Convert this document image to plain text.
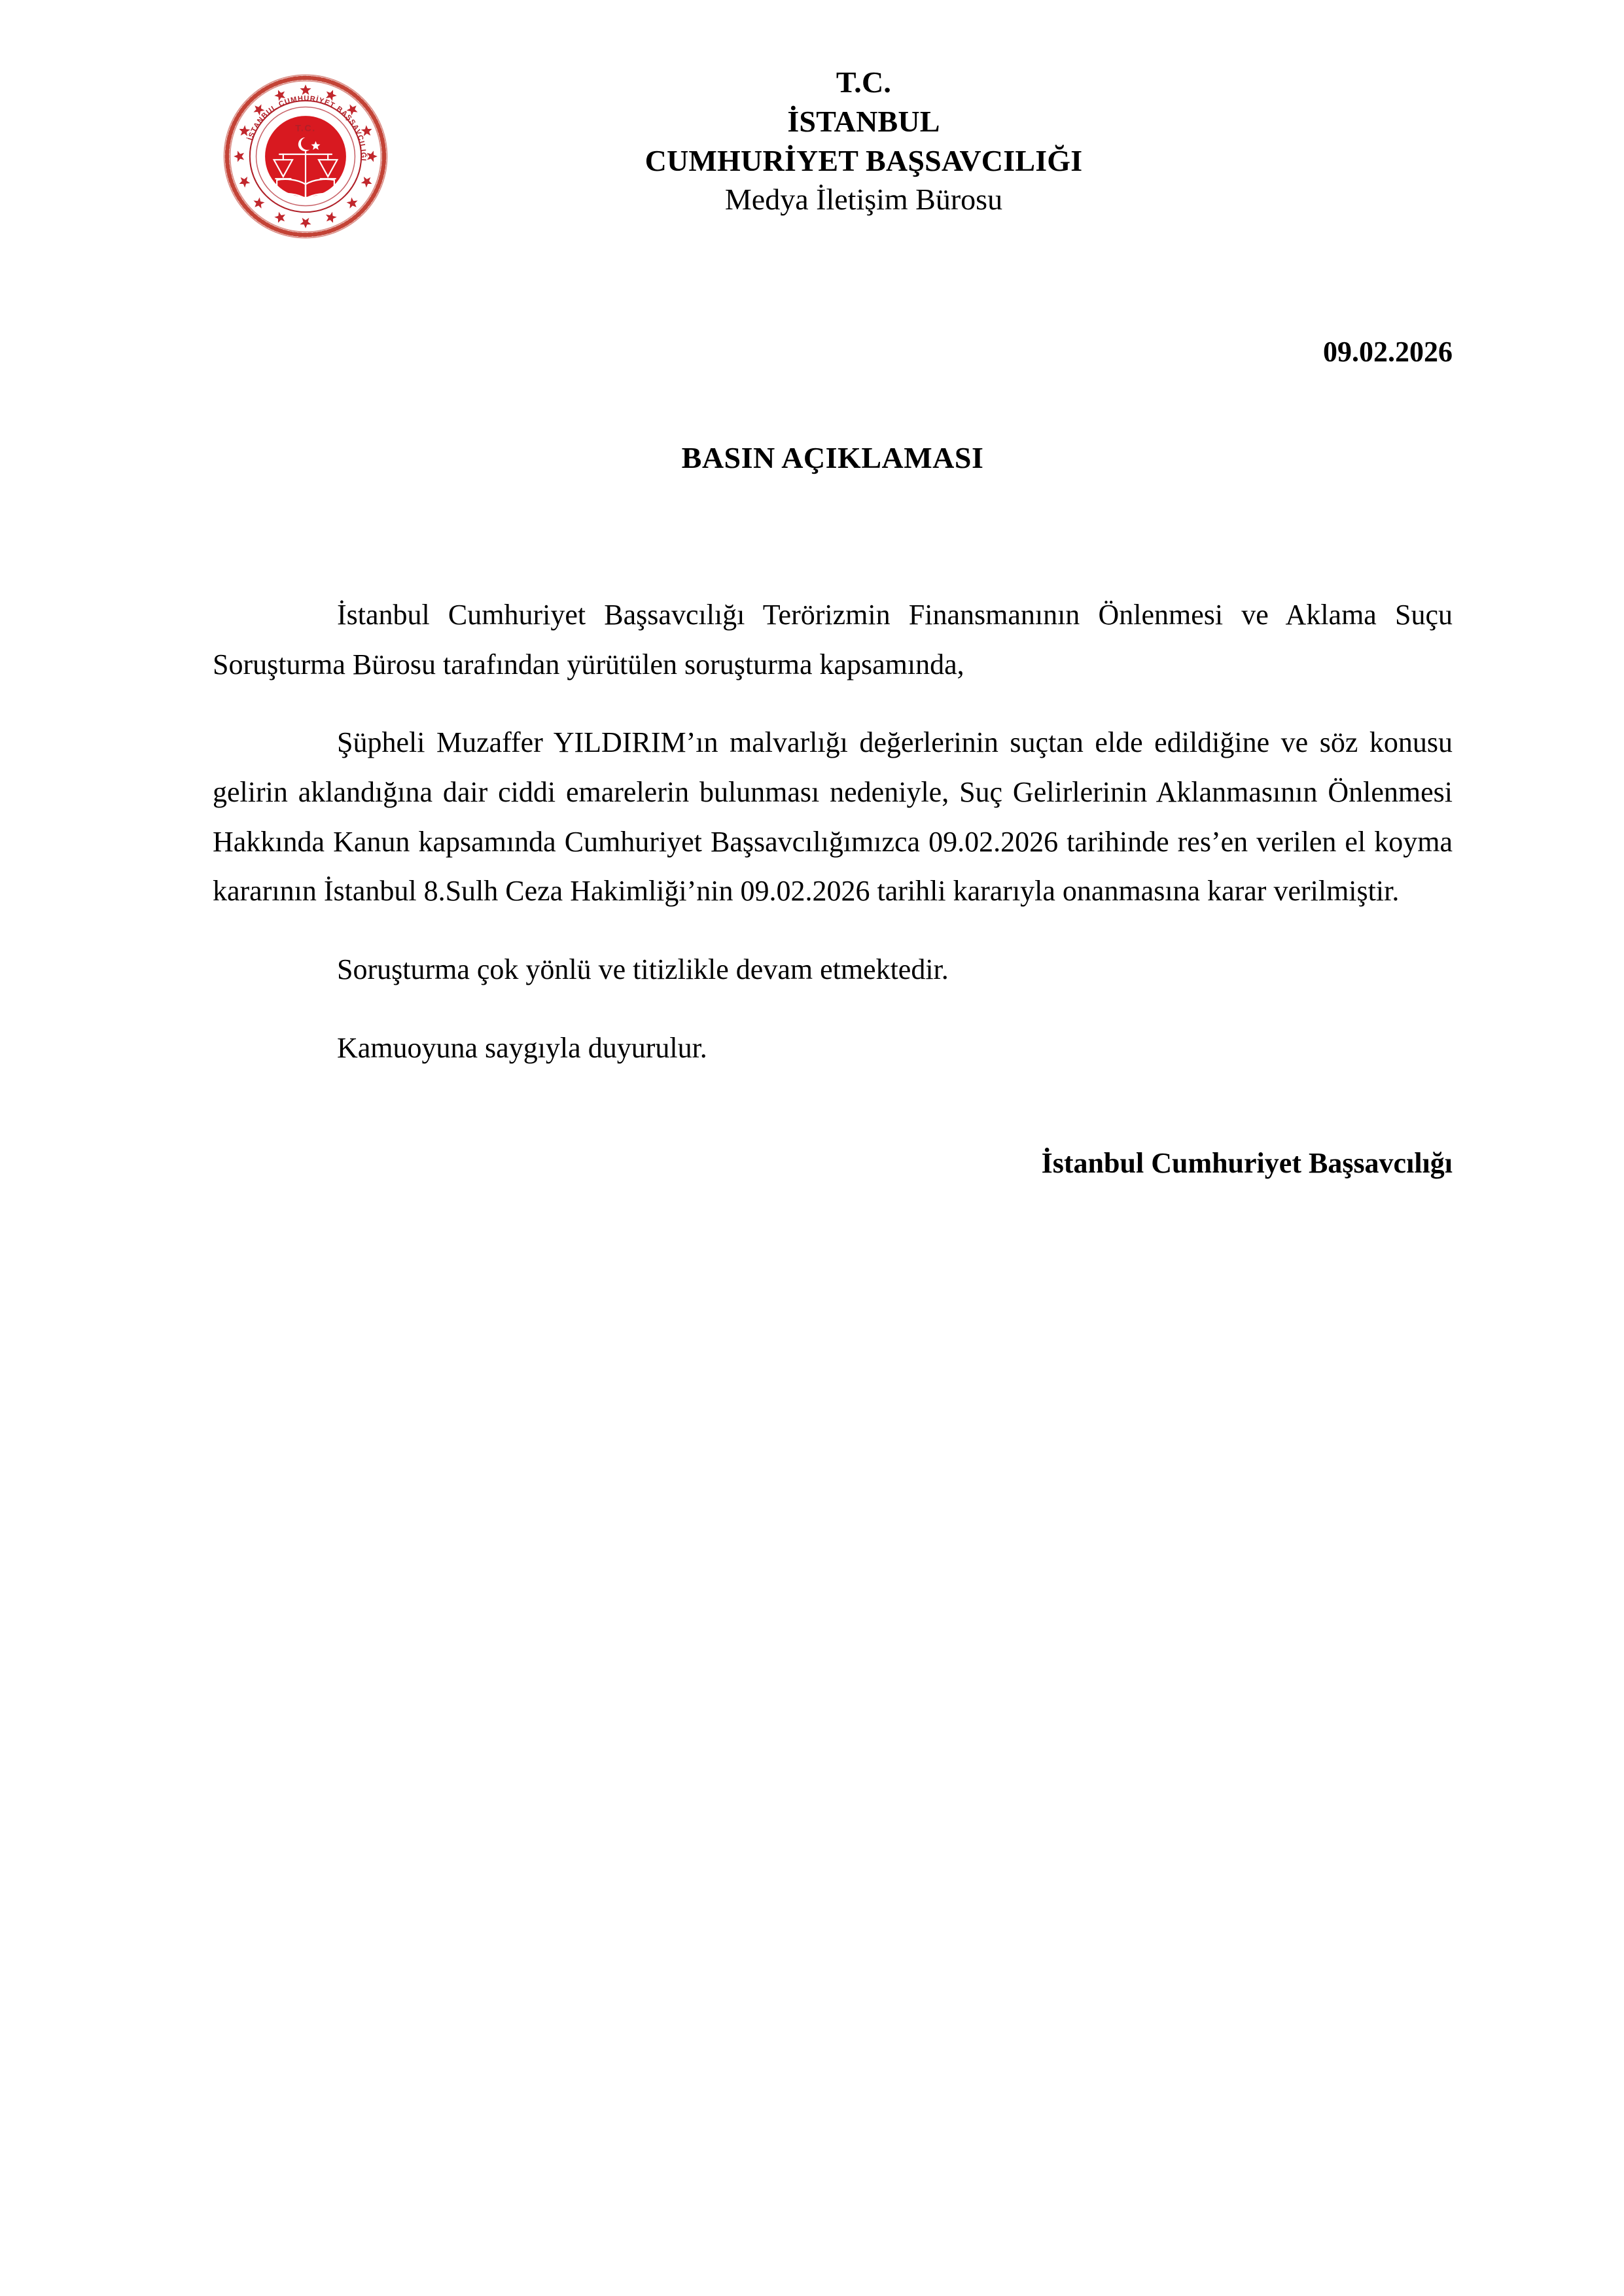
İSTANBUL CUMHURİYET BAŞSAVCILIĞI
T.C.
T.C.
İSTANBUL
CUMHURİYET BAŞSAVCILIĞI
Medya İletişim Bürosu
09.02.2026
BASIN AÇIKLAMASI

İstanbul Cumhuriyet Başsavcılığı Terörizmin Finansmanının Önlenmesi ve Aklama Suçu Soruşturma Bürosu tarafından yürütülen soruşturma kapsamında,

Şüpheli Muzaffer YILDIRIM’ın malvarlığı değerlerinin suçtan elde edildiğine ve söz konusu gelirin aklandığına dair ciddi emarelerin bulunması nedeniyle, Suç Gelirlerinin Aklanmasının Önlenmesi Hakkında Kanun kapsamında Cumhuriyet Başsavcılığımızca 09.02.2026 tarihinde res’en verilen el koyma kararının İstanbul 8.Sulh Ceza Hakimliği’nin 09.02.2026 tarihli kararıyla onanmasına karar verilmiştir.

Soruşturma çok yönlü ve titizlikle devam etmektedir.

Kamuoyuna saygıyla duyurulur.

İstanbul Cumhuriyet Başsavcılığı
